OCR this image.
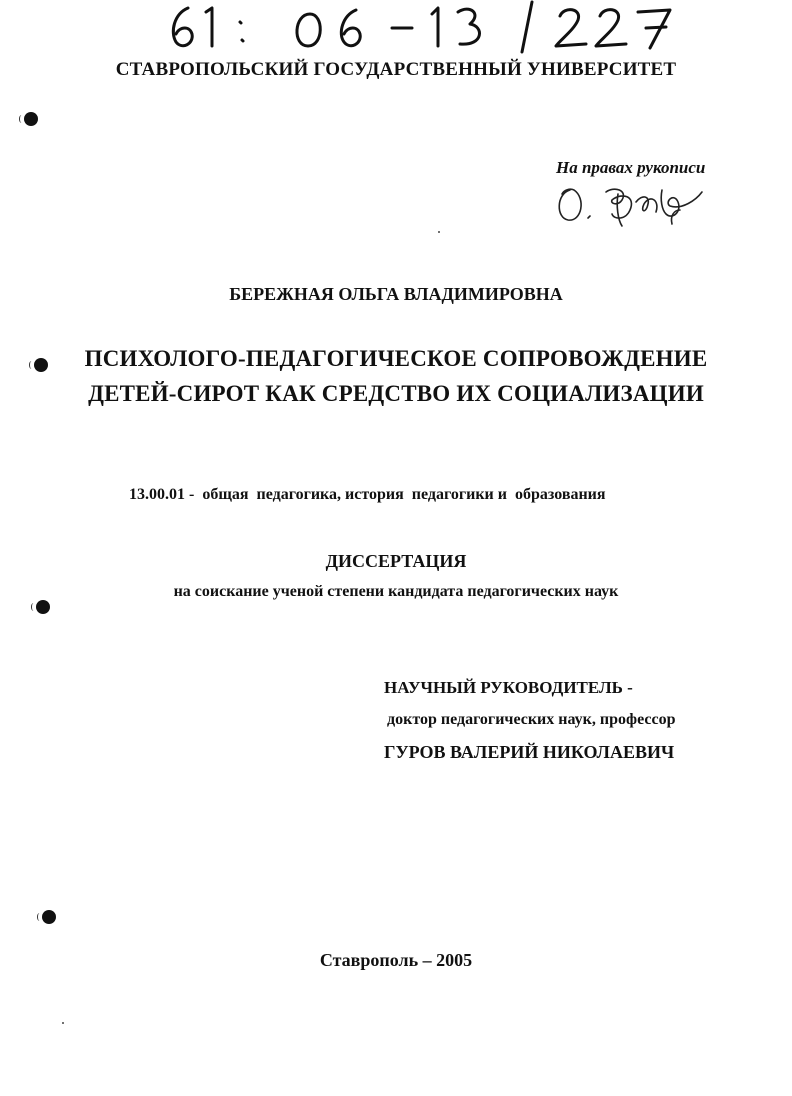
СТАВРОПОЛЬСКИЙ ГОСУДАРСТВЕННЫЙ УНИВЕРСИТЕТ
На правах рукописи
БЕРЕЖНАЯ ОЛЬГА ВЛАДИМИРОВНА
ПСИХОЛОГО-ПЕДАГОГИЧЕСКОЕ СОПРОВОЖДЕНИЕ
ДЕТЕЙ-СИРОТ КАК СРЕДСТВО ИХ СОЦИАЛИЗАЦИИ
13.00.01 -  общая  педагогика, история  педагогики и  образования
ДИССЕРТАЦИЯ
на соискание ученой степени кандидата педагогических наук
НАУЧНЫЙ РУКОВОДИТЕЛЬ -
доктор педагогических наук, профессор
ГУРОВ ВАЛЕРИЙ НИКОЛАЕВИЧ
Ставрополь – 2005
